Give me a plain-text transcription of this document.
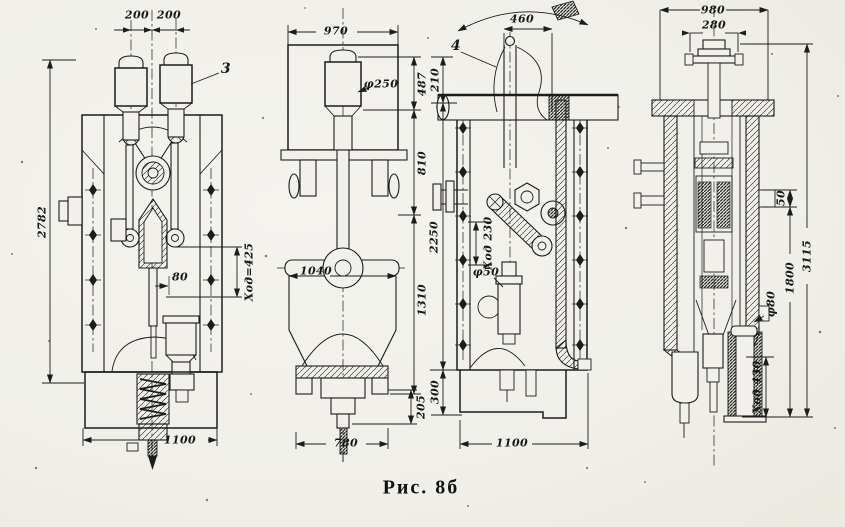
200 200
3
2782
80	Ход=425
1100
970
φ250 487
810
1310
1040
205
780
460
4
210
2250	Ход 230
φ50
300
1100
980
280
50
1800
3115
φ80
Ход 430
Рис. 8б
